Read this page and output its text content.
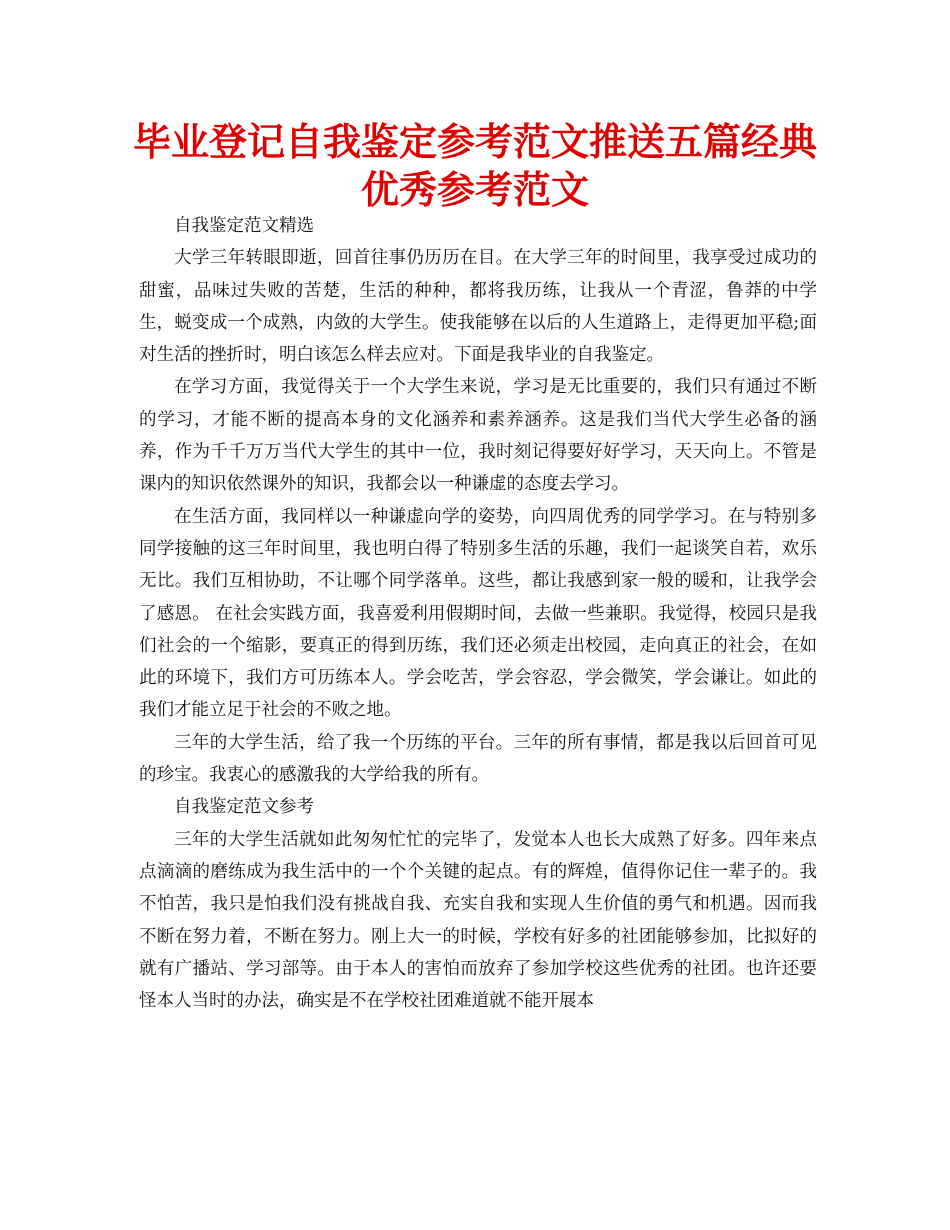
毕业登记自我鉴定参考范文推送五篇经典优秀参考范文

自我鉴定范文精选

大学三年转眼即逝，回首往事仍历历在目。在大学三年的时间里，我享受过成功的甜蜜，品味过失败的苦楚，生活的种种，都将我历练，让我从一个青涩，鲁莽的中学生，蜕变成一个成熟，内敛的大学生。使我能够在以后的人生道路上，走得更加平稳;面对生活的挫折时，明白该怎么样去应对。下面是我毕业的自我鉴定。

在学习方面，我觉得关于一个大学生来说，学习是无比重要的，我们只有通过不断的学习，才能不断的提高本身的文化涵养和素养涵养。这是我们当代大学生必备的涵养，作为千千万万当代大学生的其中一位，我时刻记得要好好学习，天天向上。不管是课内的知识依然课外的知识，我都会以一种谦虚的态度去学习。

在生活方面，我同样以一种谦虚向学的姿势，向四周优秀的同学学习。在与特别多同学接触的这三年时间里，我也明白得了特别多生活的乐趣，我们一起谈笑自若，欢乐无比。我们互相协助，不让哪个同学落单。这些，都让我感到家一般的暖和，让我学会了感恩。 在社会实践方面，我喜爱利用假期时间，去做一些兼职。我觉得，校园只是我们社会的一个缩影，要真正的得到历练，我们还必须走出校园，走向真正的社会，在如此的环境下，我们方可历练本人。学会吃苦，学会容忍，学会微笑，学会谦让。如此的我们才能立足于社会的不败之地。

三年的大学生活，给了我一个历练的平台。三年的所有事情，都是我以后回首可见的珍宝。我衷心的感激我的大学给我的所有。

自我鉴定范文参考

三年的大学生活就如此匆匆忙忙的完毕了，发觉本人也长大成熟了好多。四年来点点滴滴的磨练成为我生活中的一个个关键的起点。有的辉煌，值得你记住一辈子的。我不怕苦，我只是怕我们没有挑战自我、充实自我和实现人生价值的勇气和机遇。因而我不断在努力着，不断在努力。刚上大一的时候，学校有好多的社团能够参加，比拟好的就有广播站、学习部等。由于本人的害怕而放弃了参加学校这些优秀的社团。也许还要怪本人当时的办法，确实是不在学校社团难道就不能开展本
